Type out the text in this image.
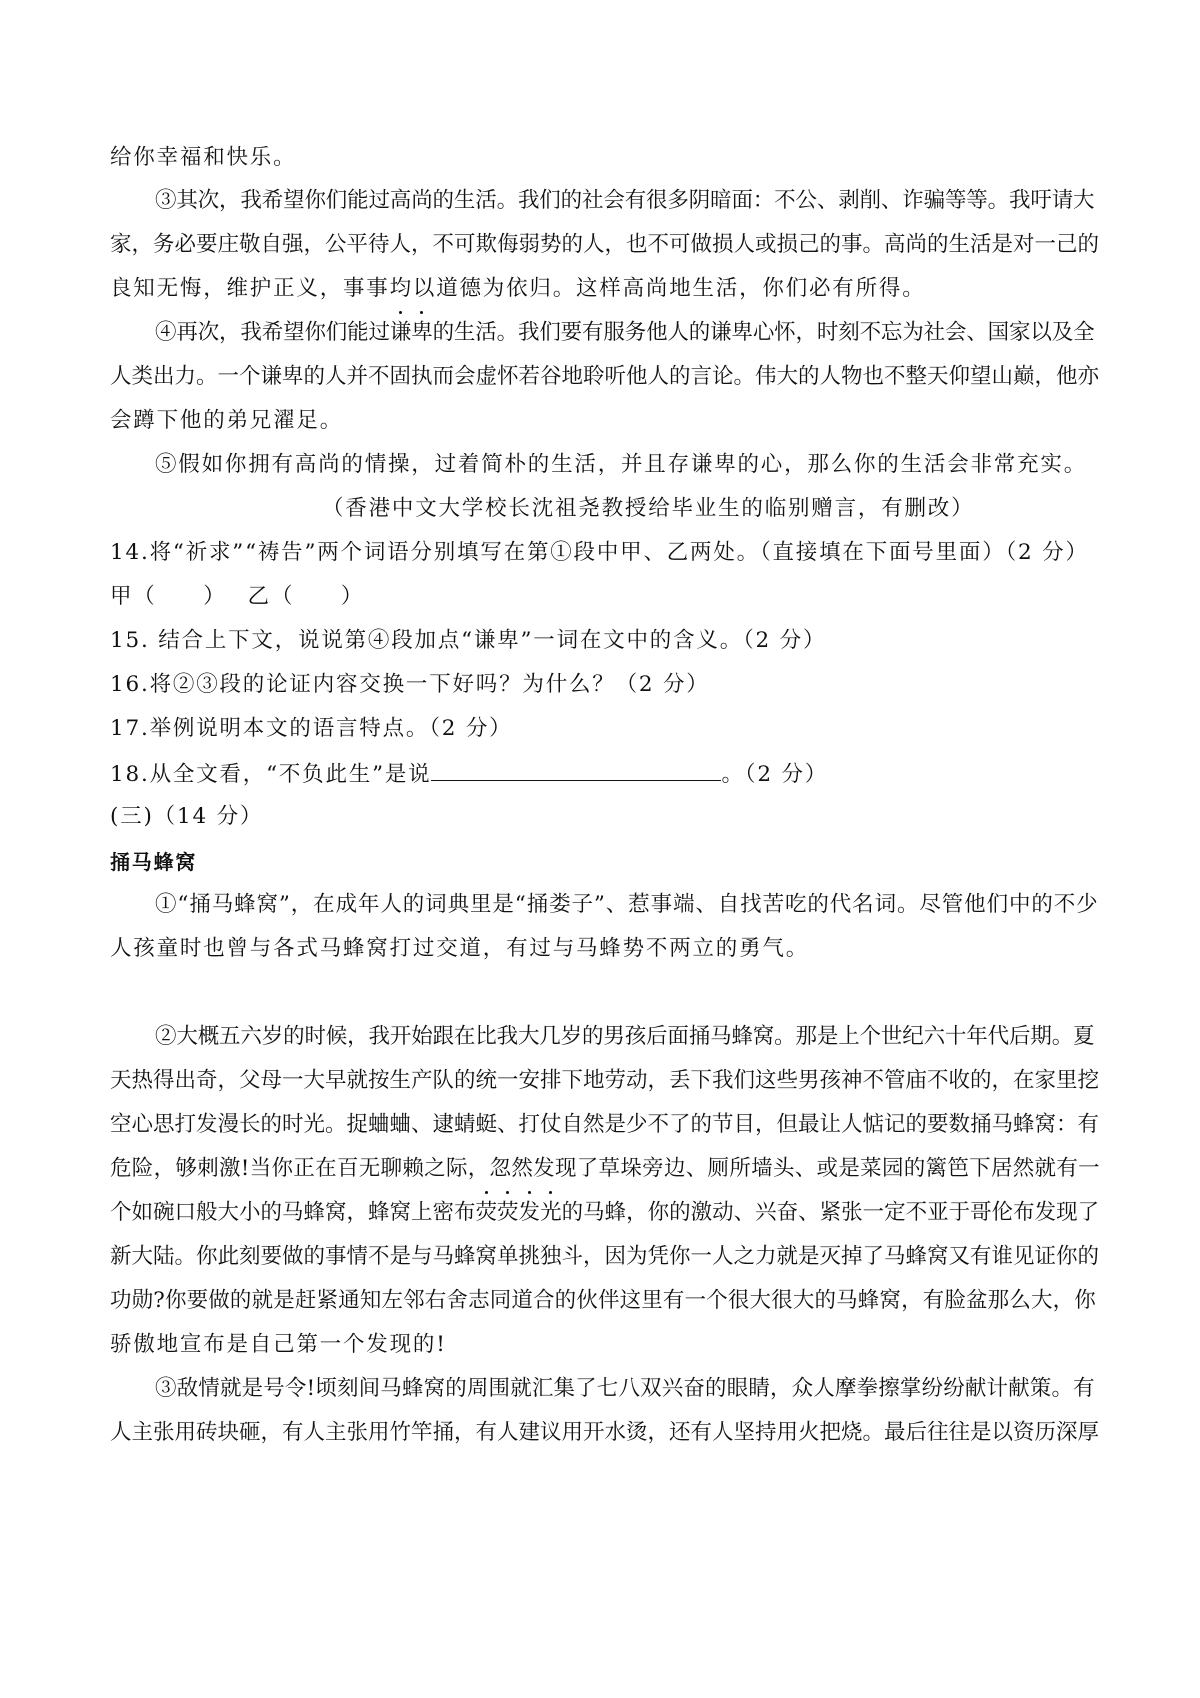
给你幸福和快乐。
③其次，我希望你们能过高尚的生活。我们的社会有很多阴暗面：不公、剥削、诈骗等等。我吁请大
家，务必要庄敬自强，公平待人，不可欺侮弱势的人，也不可做损人或损己的事。高尚的生活是对一己的
良知无悔，维护正义，事事均以道德为依归。这样高尚地生活，你们必有所得。
④再次，我希望你们能过谦卑的生活。我们要有服务他人的谦卑心怀，时刻不忘为社会、国家以及全
人类出力。一个谦卑的人并不固执而会虚怀若谷地聆听他人的言论。伟大的人物也不整天仰望山巅，他亦
会蹲下他的弟兄濯足。
⑤假如你拥有高尚的情操，过着简朴的生活，并且存谦卑的心，那么你的生活会非常充实。
（香港中文大学校长沈祖尧教授给毕业生的临别赠言，有删改）
14.将“祈求”“祷告”两个词语分别填写在第①段中甲、乙两处。（直接填在下面号里面）（2 分）
甲（　　）　 乙（　　）
15. 结合上下文，说说第④段加点“谦卑”一词在文中的含义。（2 分）
16.将②③段的论证内容交换一下好吗？为什么？（2 分）
17.举例说明本文的语言特点。（2 分）
18.从全文看，“不负此生”是说	。（2 分）
(三)（14 分）
捅马蜂窝
①“捅马蜂窝”，在成年人的词典里是“捅娄子”、惹事端、自找苦吃的代名词。尽管他们中的不少
人孩童时也曾与各式马蜂窝打过交道，有过与马蜂势不两立的勇气。
②大概五六岁的时候，我开始跟在比我大几岁的男孩后面捅马蜂窝。那是上个世纪六十年代后期。夏
天热得出奇，父母一大早就按生产队的统一安排下地劳动，丢下我们这些男孩神不管庙不收的，在家里挖
空心思打发漫长的时光。捉蛐蛐、逮蜻蜓、打仗自然是少不了的节目，但最让人惦记的要数捅马蜂窝：有
危险，够刺激!当你正在百无聊赖之际，忽然发现了草垛旁边、厕所墙头、或是菜园的篱笆下居然就有一
个如碗口般大小的马蜂窝，蜂窝上密布荧荧发光的马蜂，你的激动、兴奋、紧张一定不亚于哥伦布发现了
新大陆。你此刻要做的事情不是与马蜂窝单挑独斗，因为凭你一人之力就是灭掉了马蜂窝又有谁见证你的
功勋?你要做的就是赶紧通知左邻右舍志同道合的伙伴这里有一个很大很大的马蜂窝，有脸盆那么大，你
骄傲地宣布是自己第一个发现的!
③敌情就是号令!顷刻间马蜂窝的周围就汇集了七八双兴奋的眼睛，众人摩拳擦掌纷纷献计献策。有
人主张用砖块砸，有人主张用竹竿捅，有人建议用开水烫，还有人坚持用火把烧。最后往往是以资历深厚
